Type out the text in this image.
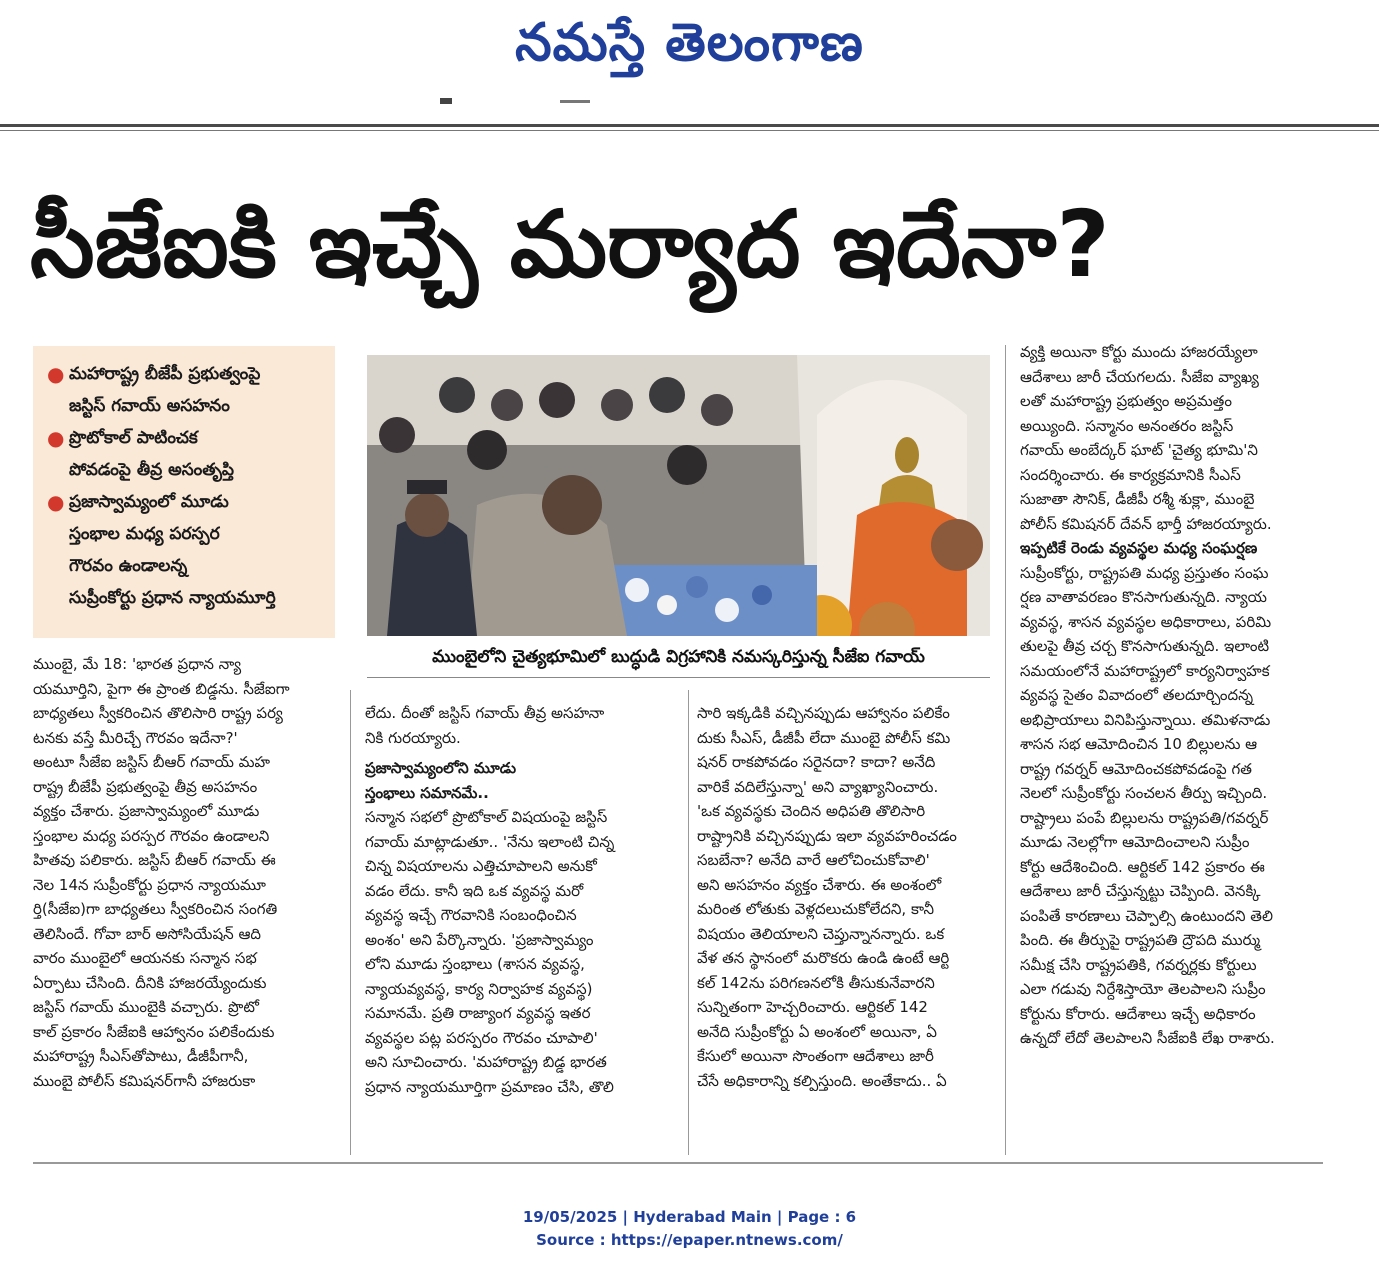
నమస్తే తెలంగాణ
సీజేఐకి ఇచ్చే మర్యాద ఇదేనా?
● మహారాష్ట్ర బీజేపీ ప్రభుత్వంపై
జస్టిస్ గవాయ్ అసహనం
● ప్రొటోకాల్ పాటించక
పోవడంపై తీవ్ర అసంతృప్తి
● ప్రజాస్వామ్యంలో మూడు
స్తంభాల మధ్య పరస్పర
గౌరవం ఉండాలన్న
సుప్రీంకోర్టు ప్రధాన న్యాయమూర్తి
ముంబైలోని చైత్యభూమిలో బుద్ధుడి విగ్రహానికి నమస్కరిస్తున్న సీజేఐ గవాయ్
ముంబై, మే 18: 'భారత ప్రధాన న్యా
యమూర్తిని, పైగా ఈ ప్రాంత బిడ్డను. సీజేఐగా
బాధ్యతలు స్వీకరించిన తొలిసారి రాష్ట్ర పర్య
టనకు వస్తే మీరిచ్చే గౌరవం ఇదేనా?'
అంటూ సీజేఐ జస్టిస్ బీఆర్ గవాయ్ మహ
రాష్ట్ర బీజేపీ ప్రభుత్వంపై తీవ్ర అసహనం
వ్యక్తం చేశారు. ప్రజాస్వామ్యంలో మూడు
స్తంభాల మధ్య పరస్పర గౌరవం ఉండాలని
హితవు పలికారు. జస్టిస్ బీఆర్ గవాయ్ ఈ
నెల 14న సుప్రీంకోర్టు ప్రధాన న్యాయమూ
ర్తి(సీజేఐ)గా బాధ్యతలు స్వీకరించిన సంగతి
తెలిసిందే. గోవా బార్ అసోసియేషన్ ఆది
వారం ముంబైలో ఆయనకు సన్మాన సభ
ఏర్పాటు చేసింది. దీనికి హాజరయ్యేందుకు
జస్టిస్ గవాయ్ ముంబైకి వచ్చారు. ప్రొటో
కాల్ ప్రకారం సీజేఐకి ఆహ్వానం పలికేందుకు
మహారాష్ట్ర సీఎస్‌తోపాటు, డీజీపీగానీ,
ముంబై పోలీస్ కమిషనర్‌గానీ హాజరుకా
లేదు. దీంతో జస్టిస్ గవాయ్ తీవ్ర అసహనా
నికి గురయ్యారు.
ప్రజాస్వామ్యంలోని మూడు
స్తంభాలు సమానమే..
సన్మాన సభలో ప్రొటోకాల్ విషయంపై జస్టిస్
గవాయ్ మాట్లాడుతూ.. 'నేను ఇలాంటి చిన్న
చిన్న విషయాలను ఎత్తిచూపాలని అనుకో
వడం లేదు. కానీ ఇది ఒక వ్యవస్థ మరో
వ్యవస్థ ఇచ్చే గౌరవానికి సంబంధించిన
అంశం' అని పేర్కొన్నారు. 'ప్రజాస్వామ్యం
లోని మూడు స్తంభాలు (శాసన వ్యవస్థ,
న్యాయవ్యవస్థ, కార్య నిర్వాహక వ్యవస్థ)
సమానమే. ప్రతి రాజ్యాంగ వ్యవస్థ ఇతర
వ్యవస్థల పట్ల పరస్పరం గౌరవం చూపాలి'
అని సూచించారు. 'మహారాష్ట్ర బిడ్డ భారత
ప్రధాన న్యాయమూర్తిగా ప్రమాణం చేసి, తొలి
సారి ఇక్కడికి వచ్చినప్పుడు ఆహ్వానం పలికేం
దుకు సీఎస్, డీజీపీ లేదా ముంబై పోలీస్ కమి
షనర్ రాకపోవడం సరైనదా? కాదా? అనేది
వారికే వదిలేస్తున్నా' అని వ్యాఖ్యానించారు.
'ఒక వ్యవస్థకు చెందిన అధిపతి తొలిసారి
రాష్ట్రానికి వచ్చినప్పుడు ఇలా వ్యవహరించడం
సబబేనా? అనేది వారే ఆలోచించుకోవాలి'
అని అసహనం వ్యక్తం చేశారు. ఈ అంశంలో
మరింత లోతుకు వెళ్లదలుచుకోలేదని, కానీ
విషయం తెలియాలని చెప్తున్నానన్నారు. ఒక
వేళ తన స్థానంలో మరొకరు ఉండి ఉంటే ఆర్టి
కల్ 142ను పరిగణనలోకి తీసుకునేవారని
సున్నితంగా హెచ్చరించారు. ఆర్టికల్ 142
అనేది సుప్రీంకోర్టు ఏ అంశంలో అయినా, ఏ
కేసులో అయినా సొంతంగా ఆదేశాలు జారీ
చేసే అధికారాన్ని కల్పిస్తుంది. అంతేకాదు.. ఏ
వ్యక్తి అయినా కోర్టు ముందు హాజరయ్యేలా
ఆదేశాలు జారీ చేయగలదు. సీజేఐ వ్యాఖ్య
లతో మహారాష్ట్ర ప్రభుత్వం అప్రమత్తం
అయ్యింది. సన్మానం అనంతరం జస్టిస్
గవాయ్ అంబేద్కర్ ఘాట్ 'చైత్య భూమి'ని
సందర్శించారు. ఈ కార్యక్రమానికి సీఎస్
సుజాతా సౌనిక్, డీజీపీ రశ్మీ శుక్లా, ముంబై
పోలీస్ కమిషనర్ దేవన్ భార్తీ హాజరయ్యారు.
ఇప్పటికే రెండు వ్యవస్థల మధ్య సంఘర్షణ
సుప్రీంకోర్టు, రాష్ట్రపతి మధ్య ప్రస్తుతం సంఘ
ర్షణ వాతావరణం కొనసాగుతున్నది. న్యాయ
వ్యవస్థ, శాసన వ్యవస్థల అధికారాలు, పరిమి
తులపై తీవ్ర చర్చ కొనసాగుతున్నది. ఇలాంటి
సమయంలోనే మహారాష్ట్రలో కార్యనిర్వాహక
వ్యవస్థ సైతం వివాదంలో తలదూర్చిందన్న
అభిప్రాయాలు వినిపిస్తున్నాయి. తమిళనాడు
శాసన సభ ఆమోదించిన 10 బిల్లులను ఆ
రాష్ట్ర గవర్నర్ ఆమోదించకపోవడంపై గత
నెలలో సుప్రీంకోర్టు సంచలన తీర్పు ఇచ్చింది.
రాష్ట్రాలు పంపే బిల్లులను రాష్ట్రపతి/గవర్నర్
మూడు నెలల్లోగా ఆమోదించాలని సుప్రీం
కోర్టు ఆదేశించింది. ఆర్టికల్ 142 ప్రకారం ఈ
ఆదేశాలు జారీ చేస్తున్నట్టు చెప్పింది. వెనక్కి
పంపితే కారణాలు చెప్పాల్సి ఉంటుందని తెలి
పింది. ఈ తీర్పుపై రాష్ట్రపతి ద్రౌపది ముర్ము
సమీక్ష చేసి రాష్ట్రపతికి, గవర్నర్లకు కోర్టులు
ఎలా గడువు నిర్దేశిస్తాయో తెలపాలని సుప్రీం
కోర్టును కోరారు. ఆదేశాలు ఇచ్చే అధికారం
ఉన్నదో లేదో తెలపాలని సీజేఐకి లేఖ రాశారు.
19/05/2025 | Hyderabad Main | Page : 6
Source : https://epaper.ntnews.com/
